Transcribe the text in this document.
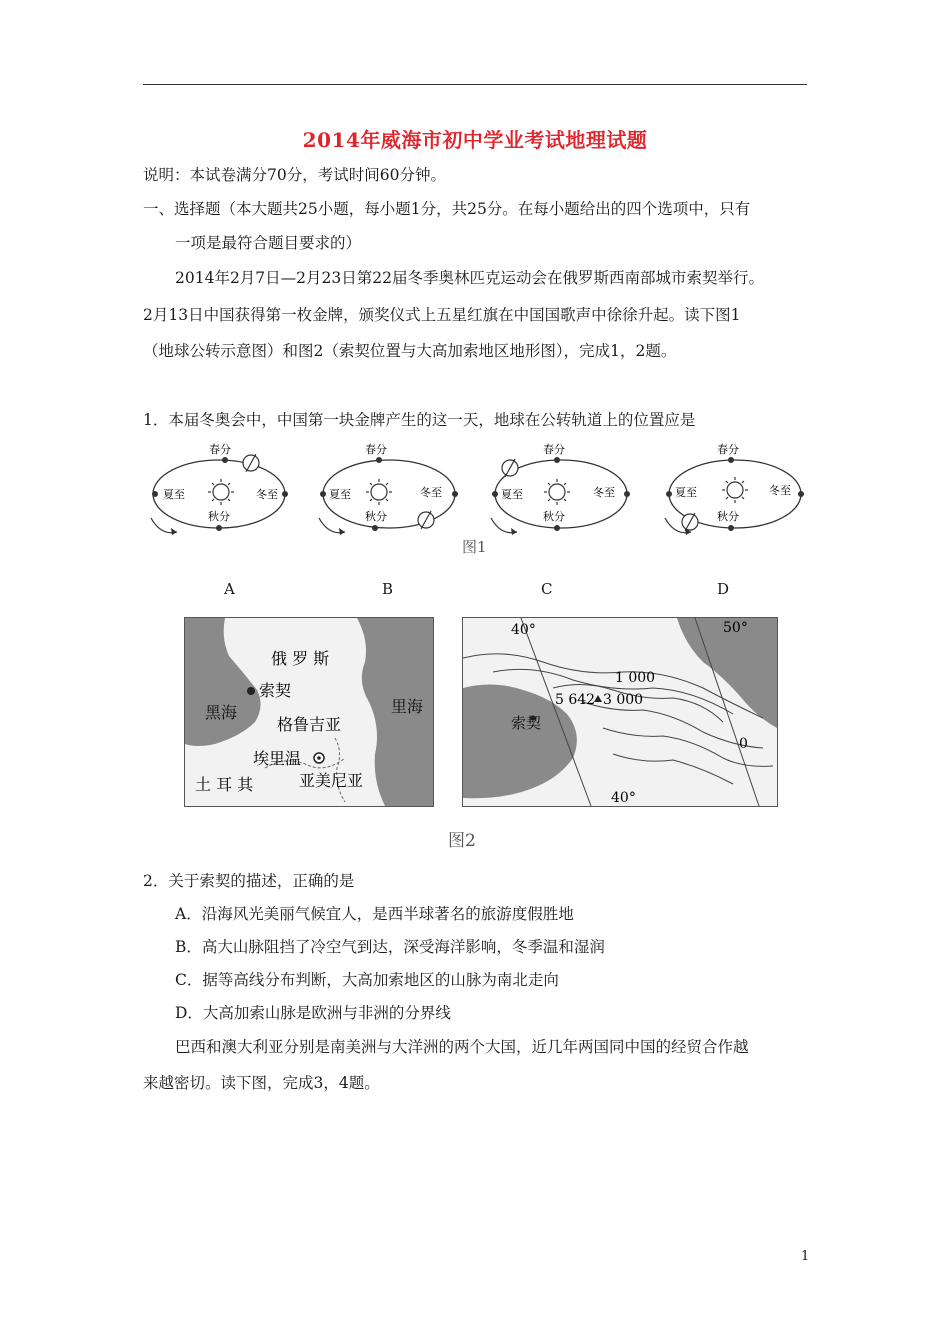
2014年威海市初中学业考试地理试题
说明：本试卷满分70分，考试时间60分钟。
一、选择题（本大题共25小题，每小题1分，共25分。在每小题给出的四个选项中，只有
一项是最符合题目要求的）
2014年2月7日—2月23日第22届冬季奥林匹克运动会在俄罗斯西南部城市索契举行。
2月13日中国获得第一枚金牌，颁奖仪式上五星红旗在中国国歌声中徐徐升起。读下图1
（地球公转示意图）和图2（索契位置与大高加索地区地形图），完成1，2题。
1．本届冬奥会中，中国第一块金牌产生的这一天，地球在公转轨道上的位置应是
春分
夏至	冬至
秋分
春分
夏至	冬至
秋分
春分
夏至	冬至
秋分
春分
夏至	冬至
秋分
图1
A	B	C	D
俄 罗 斯
索契
黑海
格鲁吉亚
里海
埃里温
土 耳 其	亚美尼亚
40°	50°
1 000
5 642 3 000
索契
0
40°
图2
2．关于索契的描述，正确的是
A．沿海风光美丽气候宜人，是西半球著名的旅游度假胜地
B．高大山脉阻挡了冷空气到达，深受海洋影响，冬季温和湿润
C．据等高线分布判断，大高加索地区的山脉为南北走向
D．大高加索山脉是欧洲与非洲的分界线
巴西和澳大利亚分别是南美洲与大洋洲的两个大国，近几年两国同中国的经贸合作越
来越密切。读下图，完成3，4题。
1
